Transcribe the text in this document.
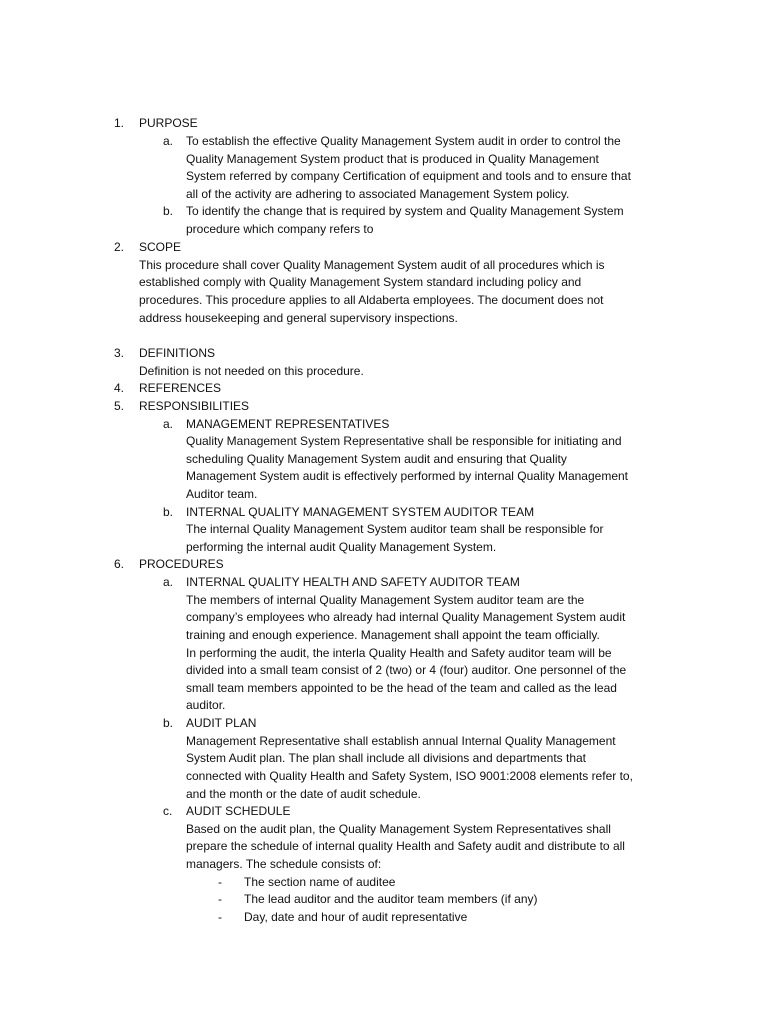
1.	PURPOSE
a. To establish the effective Quality Management System audit in order to control the
Quality Management System product that is produced in Quality Management
System referred by company Certification of equipment and tools and to ensure that
all of the activity are adhering to associated Management System policy.
b. To identify the change that is required by system and Quality Management System
procedure which company refers to
2.	SCOPE
This procedure shall cover Quality Management System audit of all procedures which is
established comply with Quality Management System standard including policy and
procedures. This procedure applies to all Aldaberta employees. The document does not
address housekeeping and general supervisory inspections.
3.	DEFINITIONS
Definition is not needed on this procedure.
4.	REFERENCES
5.	RESPONSIBILITIES
a. MANAGEMENT REPRESENTATIVES
Quality Management System Representative shall be responsible for initiating and
scheduling Quality Management System audit and ensuring that Quality
Management System audit is effectively performed by internal Quality Management
Auditor team.
b. INTERNAL QUALITY MANAGEMENT SYSTEM AUDITOR TEAM
The internal Quality Management System auditor team shall be responsible for
performing the internal audit Quality Management System.
6.	PROCEDURES
a. INTERNAL QUALITY HEALTH AND SAFETY AUDITOR TEAM
The members of internal Quality Management System auditor team are the
company’s employees who already had internal Quality Management System audit
training and enough experience. Management shall appoint the team officially.
In performing the audit, the interla Quality Health and Safety auditor team will be
divided into a small team consist of 2 (two) or 4 (four) auditor. One personnel of the
small team members appointed to be the head of the team and called as the lead
auditor.
b. AUDIT PLAN
Management Representative shall establish annual Internal Quality Management
System Audit plan. The plan shall include all divisions and departments that
connected with Quality Health and Safety System, ISO 9001:2008 elements refer to,
and the month or the date of audit schedule.
c. AUDIT SCHEDULE
Based on the audit plan, the Quality Management System Representatives shall
prepare the schedule of internal quality Health and Safety audit and distribute to all
managers. The schedule consists of:
- The section name of auditee
- The lead auditor and the auditor team members (if any)
- Day, date and hour of audit representative
